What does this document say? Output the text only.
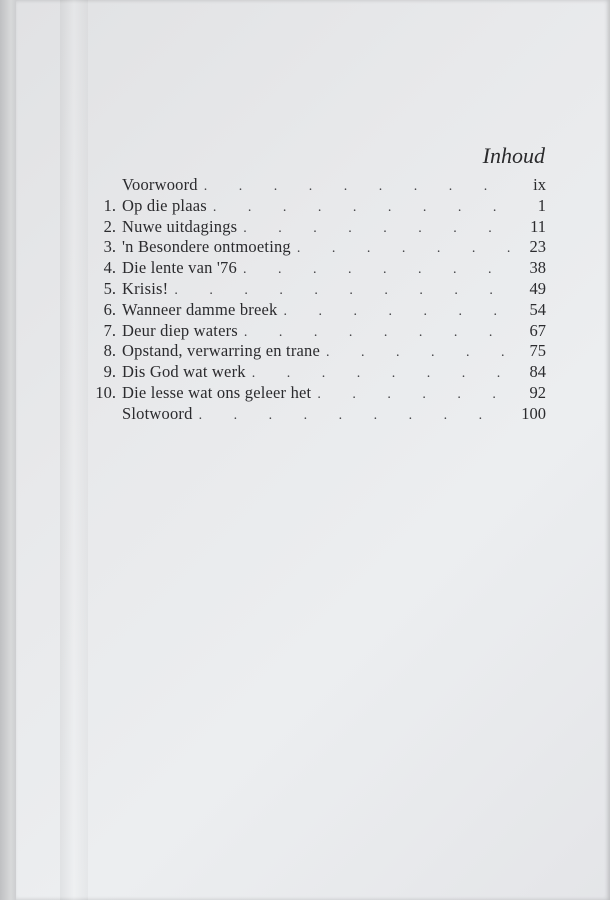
Inhoud
Voorwoord . . .	ix
1. Op die plaas . . .	1
2. Nuwe uitdagings . . .	11
3. 'n Besondere ontmoeting . . .	23
4. Die lente van '76 . . .	38
5. Krisis! . . .	49
6. Wanneer damme breek . . .	54
7. Deur diep waters . . .	67
8. Opstand, verwarring en trane . . .	75
9. Dis God wat werk . . .	84
10. Die lesse wat ons geleer het . . .	92
Slotwoord . . .	100
